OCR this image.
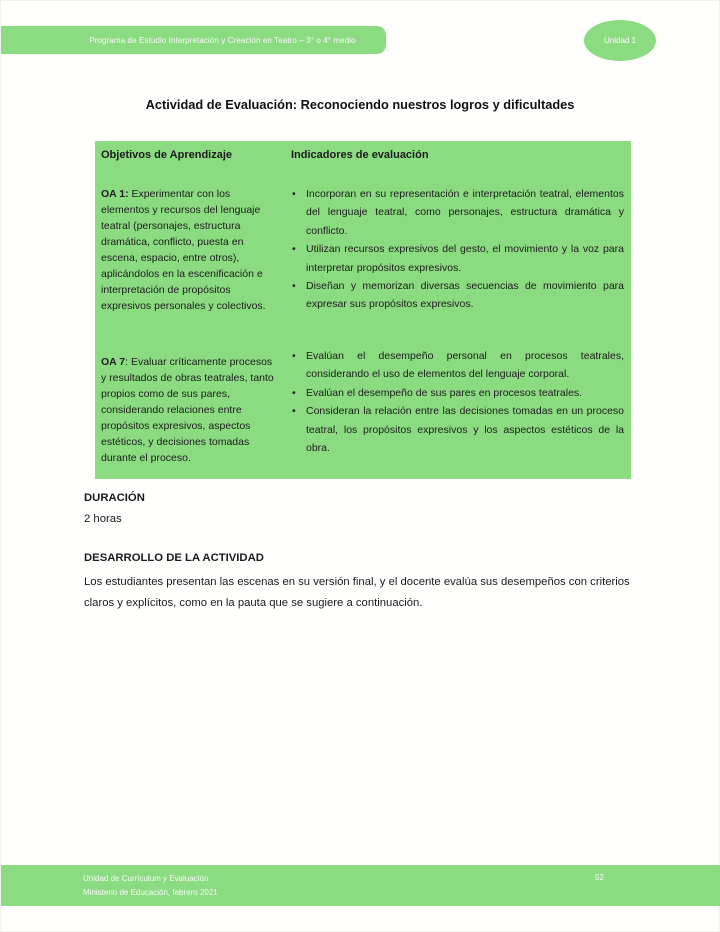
Programa de Estudio Interpretación y Creación en Teatro – 3° o 4° medio	Unidad 1
Actividad de Evaluación: Reconociendo nuestros logros y dificultades
Objetivos de Aprendizaje	Indicadores de evaluación
OA 1: Experimentar con los elementos y recursos del lenguaje teatral (personajes, estructura dramática, conflicto, puesta en escena, espacio, entre otros), aplicándolos en la escenificación e interpretación de propósitos expresivos personales y colectivos.
• Incorporan en su representación e interpretación teatral, elementos del lenguaje teatral, como personajes, estructura dramática y conflicto.
• Utilizan recursos expresivos del gesto, el movimiento y la voz para interpretar propósitos expresivos.
• Diseñan y memorizan diversas secuencias de movimiento para expresar sus propósitos expresivos.
OA 7: Evaluar críticamente procesos y resultados de obras teatrales, tanto propios como de sus pares, considerando relaciones entre propósitos expresivos, aspectos estéticos, y decisiones tomadas durante el proceso.
• Evalúan el desempeño personal en procesos teatrales, considerando el uso de elementos del lenguaje corporal.
• Evalúan el desempeño de sus pares en procesos teatrales.
• Consideran la relación entre las decisiones tomadas en un proceso teatral, los propósitos expresivos y los aspectos estéticos de la obra.
DURACIÓN

2 horas

DESARROLLO DE LA ACTIVIDAD

Los estudiantes presentan las escenas en su versión final, y el docente evalúa sus desempeños con criterios claros y explícitos, como en la pauta que se sugiere a continuación.

Unidad de Currículum y Evaluación
Ministerio de Educación, febrero 2021
52
